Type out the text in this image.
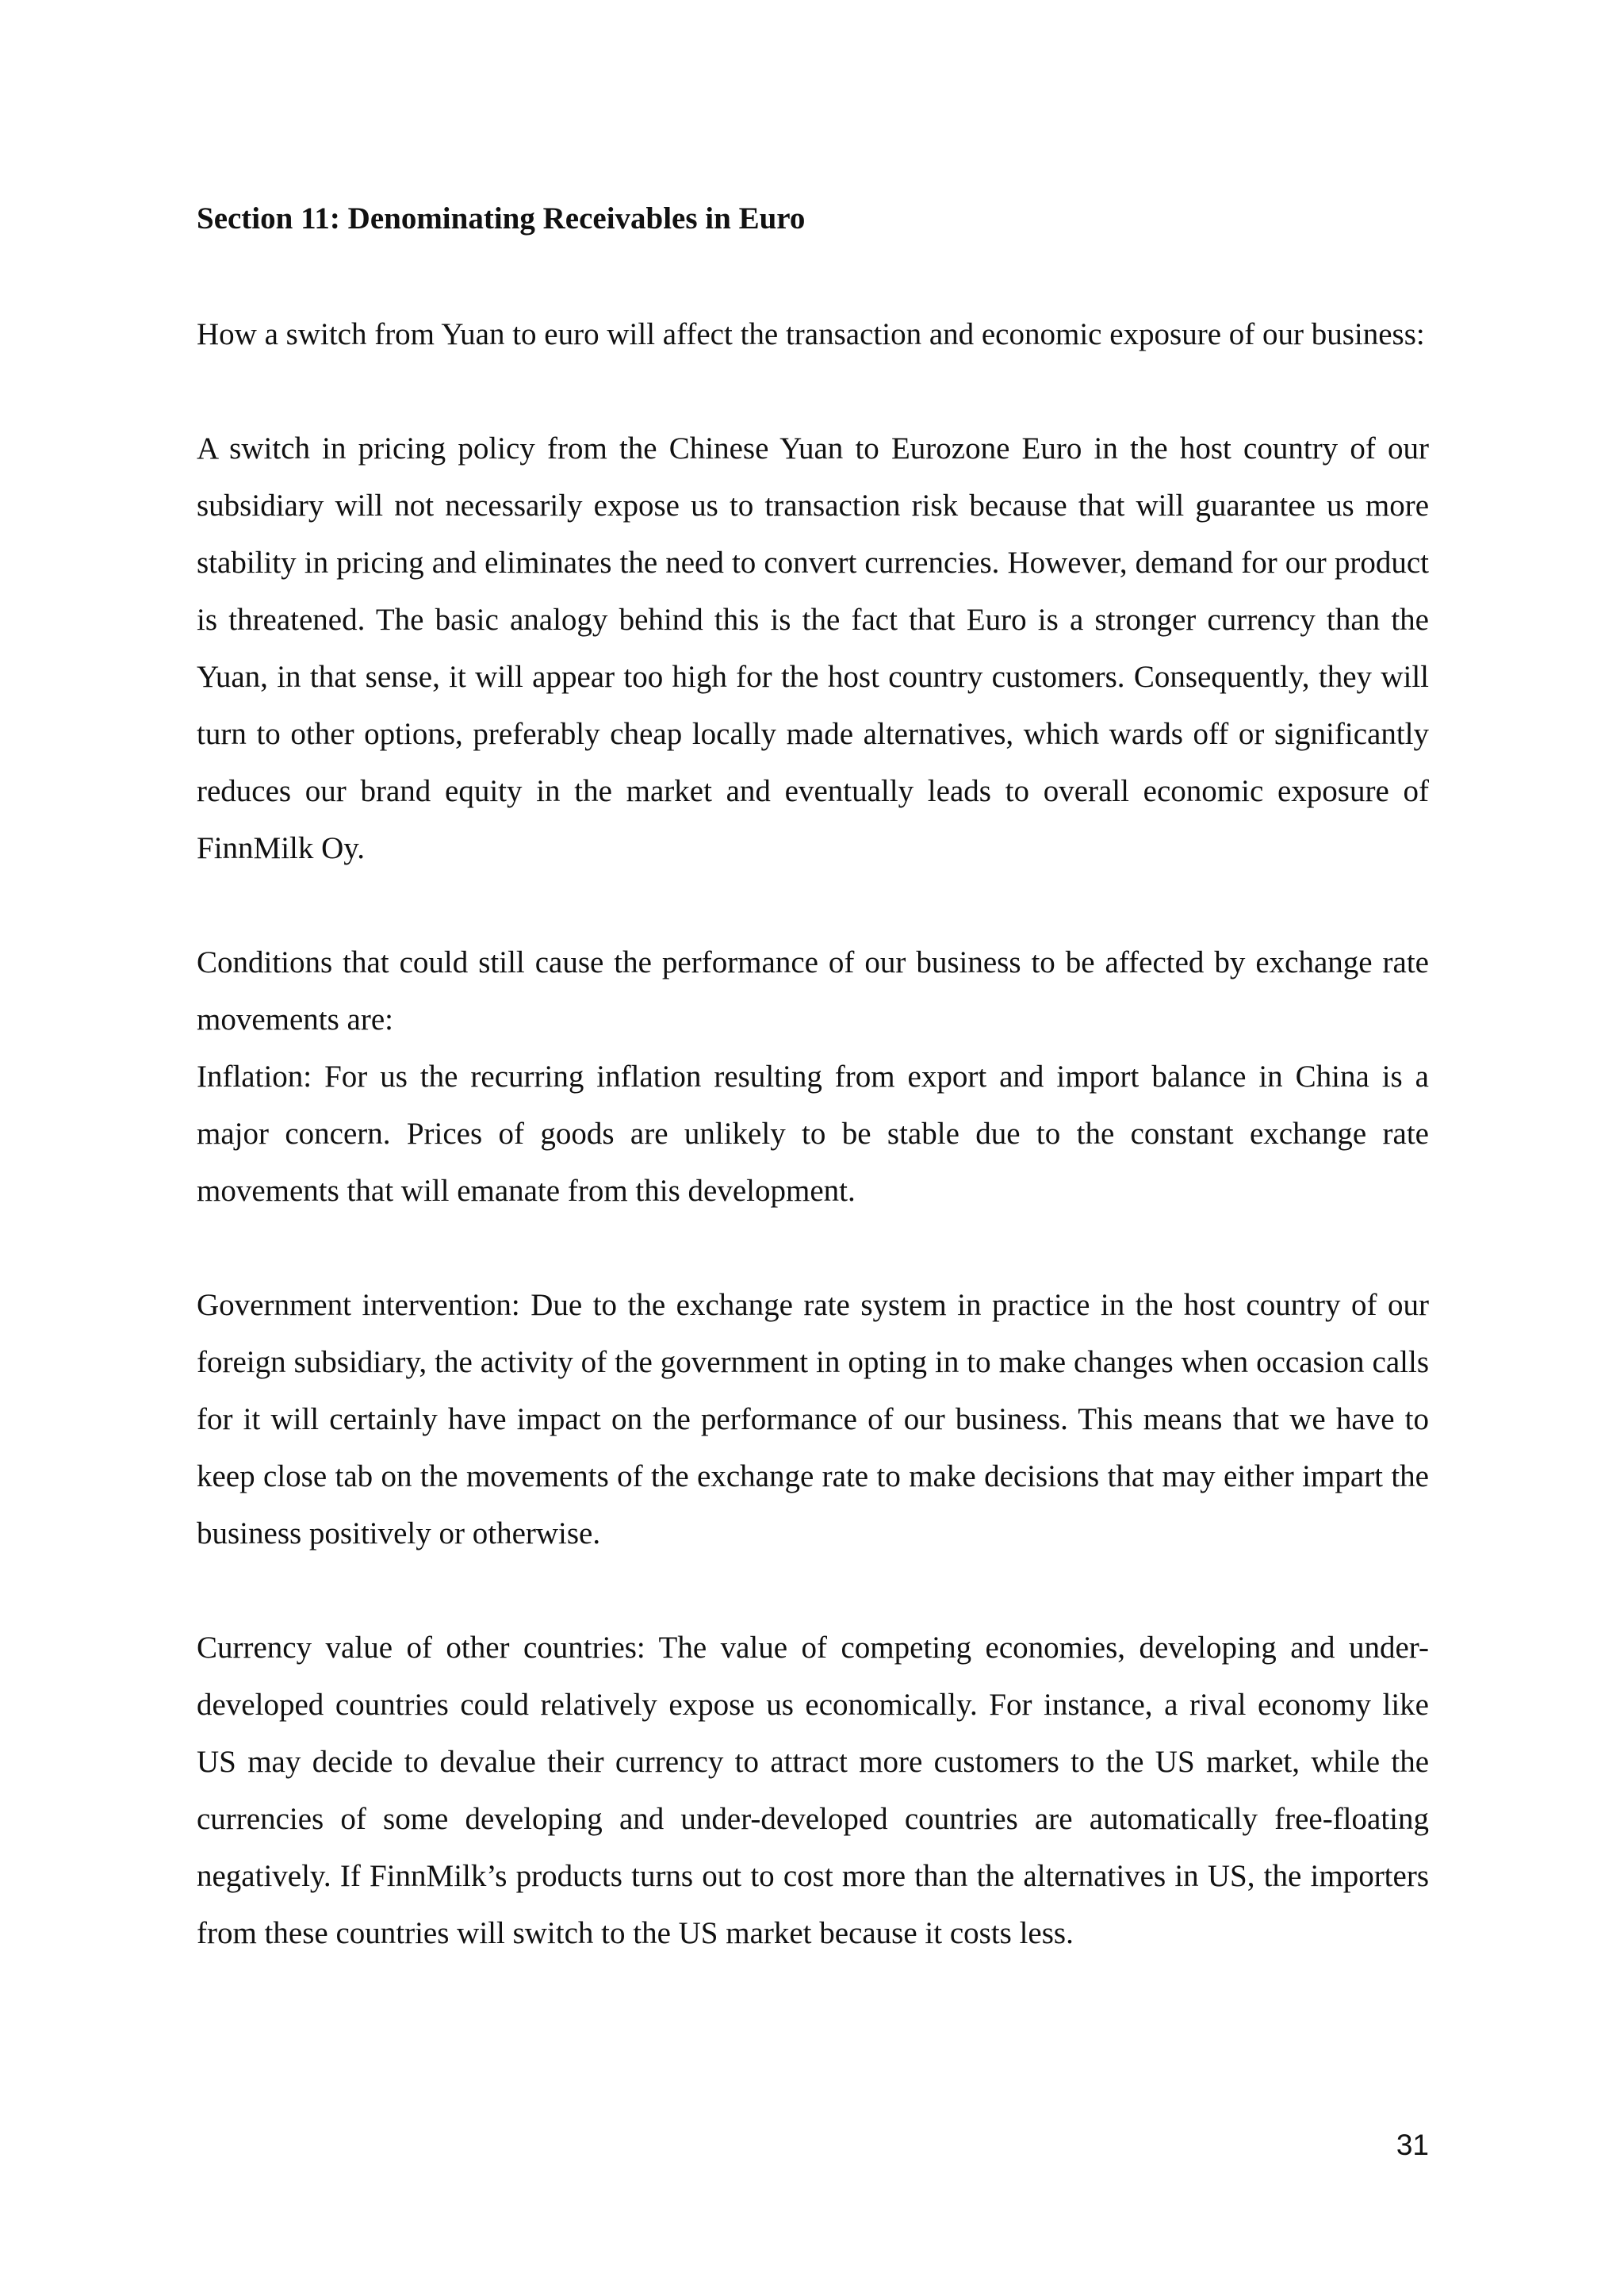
Section 11: Denominating Receivables in Euro

How a switch from Yuan to euro will affect the transaction and economic exposure of our business:

A switch in pricing policy from the Chinese Yuan to Eurozone Euro in the host country of our subsidiary will not necessarily expose us to transaction risk because that will guarantee us more stability in pricing and eliminates the need to convert currencies. However, demand for our product is threatened. The basic analogy behind this is the fact that Euro is a stronger currency than the Yuan, in that sense, it will appear too high for the host country customers. Consequently, they will turn to other options, preferably cheap locally made alternatives, which wards off or significantly reduces our brand equity in the market and eventually leads to overall economic exposure of FinnMilk Oy.

Conditions that could still cause the performance of our business to be affected by exchange rate movements are:

Inflation: For us the recurring inflation resulting from export and import balance in China is a major concern. Prices of goods are unlikely to be stable due to the constant exchange rate movements that will emanate from this development.

Government intervention: Due to the exchange rate system in practice in the host country of our foreign subsidiary, the activity of the government in opting in to make changes when occasion calls for it will certainly have impact on the performance of our business. This means that we have to keep close tab on the movements of the exchange rate to make decisions that may either impart the business positively or otherwise.

Currency value of other countries: The value of competing economies, developing and under-developed countries could relatively expose us economically. For instance, a rival economy like US may decide to devalue their currency to attract more customers to the US market, while the currencies of some developing and under-developed countries are automatically free-floating negatively. If FinnMilk’s products turns out to cost more than the alternatives in US, the importers from these countries will switch to the US market because it costs less.

31
